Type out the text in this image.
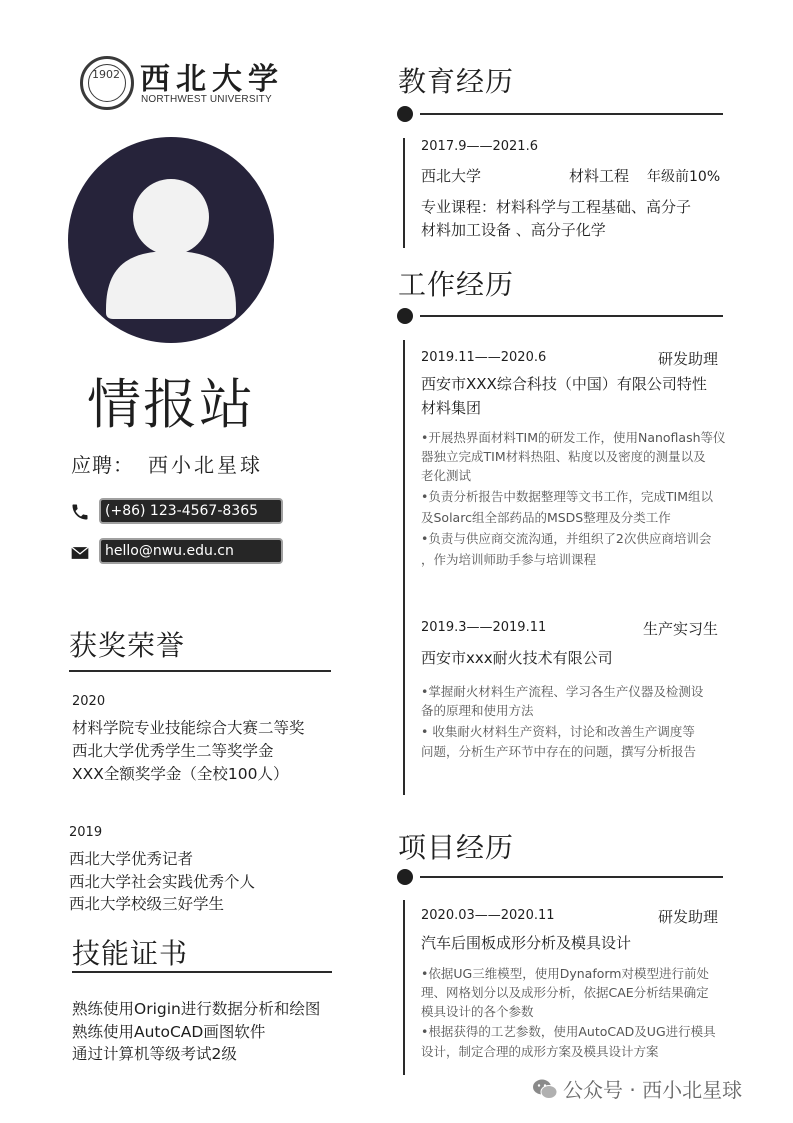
1902 西北大学
NORTHWEST UNIVERSITY
情报站
应聘： 西小北星球
(+86) 123-4567-8365
hello@nwu.edu.cn
获奖荣誉
2020
材料学院专业技能综合大赛二等奖
西北大学优秀学生二等奖学金
XXX全额奖学金（全校100人）
2019
西北大学优秀记者
西北大学社会实践优秀个人
西北大学校级三好学生
技能证书
熟练使用Origin进行数据分析和绘图
熟练使用AutoCAD画图软件
通过计算机等级考试2级
教育经历
2017.9——2021.6
西北大学	材料工程 年级前10%
专业课程：材料科学与工程基础、高分子
材料加工设备 、高分子化学
工作经历
2019.11——2020.6	研发助理
西安市XXX综合科技（中国）有限公司特性
材料集团
•开展热界面材料TIM的研发工作，使用Nanoflash等仪
器独立完成TIM材料热阻、粘度以及密度的测量以及
老化测试
•负责分析报告中数据整理等文书工作，完成TIM组以
及Solarc组全部药品的MSDS整理及分类工作
•负责与供应商交流沟通，并组织了2次供应商培训会
，作为培训师助手参与培训课程
2019.3——2019.11	生产实习生
西安市xxx耐火技术有限公司
•掌握耐火材料生产流程、学习各生产仪器及检测设
备的原理和使用方法
• 收集耐火材料生产资料，讨论和改善生产调度等
问题，分析生产环节中存在的问题，撰写分析报告
项目经历
2020.03——2020.11	研发助理
汽车后围板成形分析及模具设计
•依据UG三维模型，使用Dynaform对模型进行前处
理、网格划分以及成形分析，依据CAE分析结果确定
模具设计的各个参数
•根据获得的工艺参数，使用AutoCAD及UG进行模具
设计，制定合理的成形方案及模具设计方案
公众号 · 西小北星球
